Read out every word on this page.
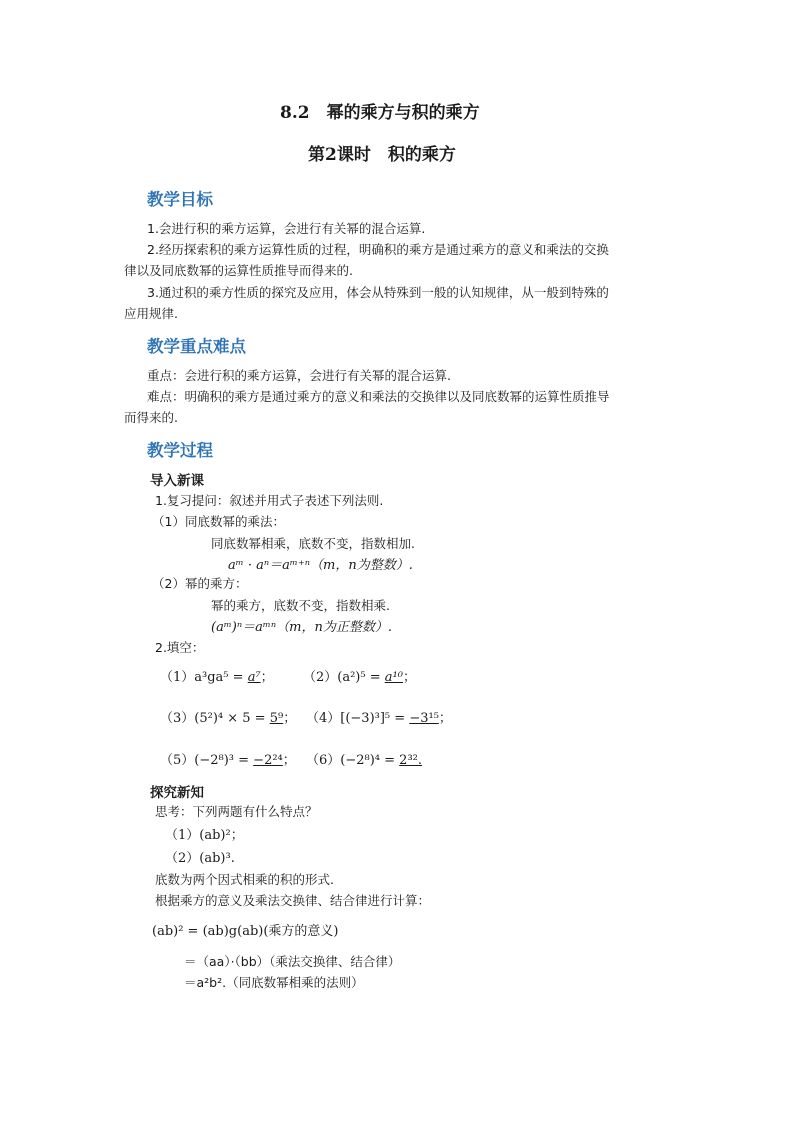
8.2　幂的乘方与积的乘方
第2课时　积的乘方
教学目标
1.会进行积的乘方运算，会进行有关幂的混合运算.
2.经历探索积的乘方运算性质的过程，明确积的乘方是通过乘方的意义和乘法的交换
律以及同底数幂的运算性质推导而得来的.
3.通过积的乘方性质的探究及应用，体会从特殊到一般的认知规律，从一般到特殊的
应用规律.
教学重点难点
重点：会进行积的乘方运算，会进行有关幂的混合运算.
难点：明确积的乘方是通过乘方的意义和乘法的交换律以及同底数幂的运算性质推导
而得来的.
教学过程
导入新课
1.复习提问：叙述并用式子表述下列法则.
（1）同底数幂的乘法：
同底数幂相乘，底数不变，指数相加.
aᵐ · aⁿ＝aᵐ⁺ⁿ（m，n为整数）.
（2）幂的乘方：
幂的乘方，底数不变，指数相乘.
(aᵐ)ⁿ＝aᵐⁿ（m，n为正整数）.
2.填空：
（1）a³ga⁵ = a⁷； （2）(a²)⁵ = a¹⁰；
（3）(5²)⁴ × 5 = 5⁹； （4）[(−3)³]⁵ = −3¹⁵；
（5）(−2⁸)³ = −2²⁴； （6）(−2⁸)⁴ = 2³².
探究新知
思考：下列两题有什么特点？
（1）(ab)²；
（2）(ab)³.
底数为两个因式相乘的积的形式.
根据乘方的意义及乘法交换律、结合律进行计算：
(ab)² = (ab)g(ab)(乘方的意义)
＝（aa）·（bb）（乘法交换律、结合律）
＝a²b².（同底数幂相乘的法则）
